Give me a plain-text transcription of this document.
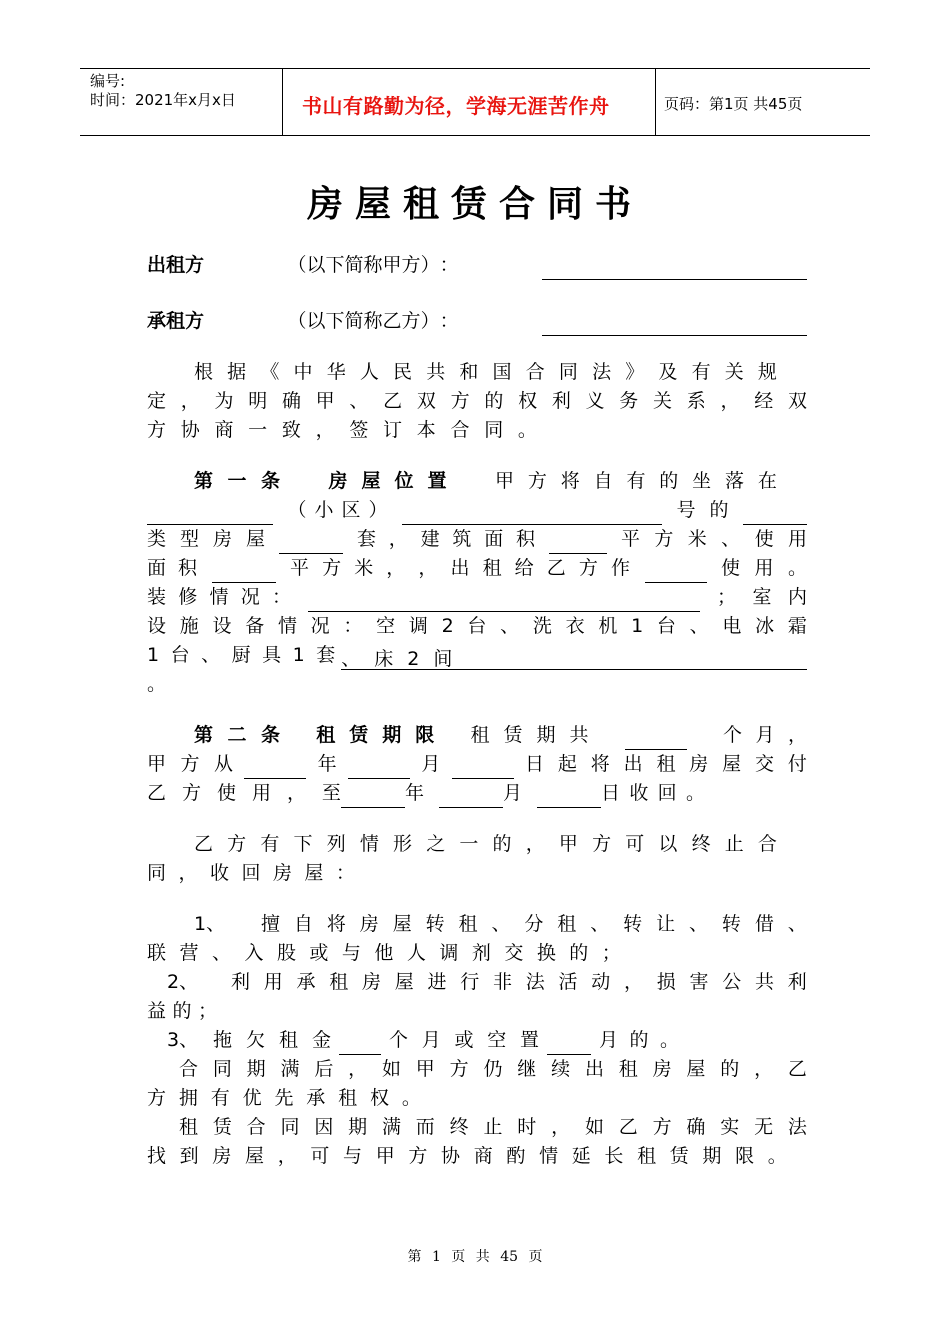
编号:
时间：2021年x月x日	书山有路勤为径，学海无涯苦作舟	页码：第1页 共45页
房屋租赁合同书
出 租 方	（ 以 下 简 称 甲 方 ） ：
承 租 方	（ 以 下 简 称 乙 方 ） ：
根 据 《 中 华 人 民 共 和 国 合 同 法 》 及 有 关 规
定 ， 为 明 确 甲 、 乙 双 方 的 权 利 义 务 关 系 ， 经 双
方 协 商 一 致 ， 签 订 本 合 同 。
第 一 条	房 屋 位 置	甲 方 将 自 有 的 坐 落 在
（ 小 区 ）	号 的
类 型 房 屋	套 ， 建 筑 面 积	平 方 米 、 使 用
面 积	平 方 米 ， ， 出 租 给 乙 方 作	使 用 。
装 修 情 况 ：	； 室 内
设 施 设 备 情 况 ： 空 调 2 台 、 洗 衣 机 1 台 、 电 冰 霜
1 台 、 厨 具 1 套 、 床 2 间
。
第 二 条 租 赁 期 限 租 赁 期 共	个 月 ，
甲 方 从	年	月	日 起 将 出 租 房 屋 交 付
乙 方 使 用 ， 至	年	月	日 收 回 。
乙 方 有 下 列 情 形 之 一 的 ， 甲 方 可 以 终 止 合
同 ， 收 回 房 屋 ：
1、	擅 自 将 房 屋 转 租 、 分 租 、 转 让 、 转 借 、
联 营 、 入 股 或 与 他 人 调 剂 交 换 的 ；
2、	利 用 承 租 房 屋 进 行 非 法 活 动 ， 损 害 公 共 利
益 的 ；
3、 拖 欠 租 金	个 月 或 空 置	月 的 。
合 同 期 满 后 ， 如 甲 方 仍 继 续 出 租 房 屋 的 ， 乙
方 拥 有 优 先 承 租 权 。
租 赁 合 同 因 期 满 而 终 止 时 ， 如 乙 方 确 实 无 法
找 到 房 屋 ， 可 与 甲 方 协 商 酌 情 延 长 租 赁 期 限 。
第 1 页 共 45 页
